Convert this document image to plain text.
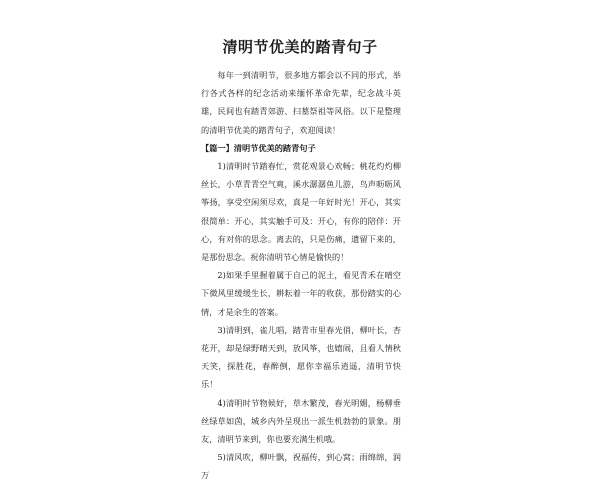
清明节优美的踏青句子

每年一到清明节，很多地方都会以不同的形式，举行各式各样的纪念活动来缅怀革命先辈，纪念战斗英雄，民间也有踏青郊游、扫墓祭祖等风俗。以下是整理的清明节优美的踏青句子，欢迎阅读！

【篇一】清明节优美的踏青句子

1)清明时节踏春忙，赏花观景心欢畅；桃花灼灼柳丝长，小草青青空气爽，溪水潺潺鱼儿游，鸟声呖呖风筝扬，享受空闲须尽欢，真是一年好时光！开心，其实很简单：开心，其实触手可及：开心，有你的陪伴：开心，有对你的思念。离去的，只是伤痛，遗留下来的，是那份思念。祝你清明节心情是愉快的！

2)如果手里握着属于自己的泥土，看见青禾在晴空下微风里缓缓生长，耕耘着一年的收获，那份踏实的心情，才是余生的答案。

3)清明到，雀儿唱，踏青市里春光俏，柳叶长，杏花开，却是绿野晴天到，放风筝，也嬉闹，且看人情秋天笑，探胜花，春醉倒，愿你幸福乐逍遥，清明节快乐！

4)清明时节物候好，草木繁茂，春光明媚，杨柳垂丝绿草如茵，城乡内外呈现出一派生机勃勃的景象。朋友，清明节来到，你也要充满生机哦。

5)清风吹，柳叶飘，祝福传，到心窝；雨绵绵，润万
